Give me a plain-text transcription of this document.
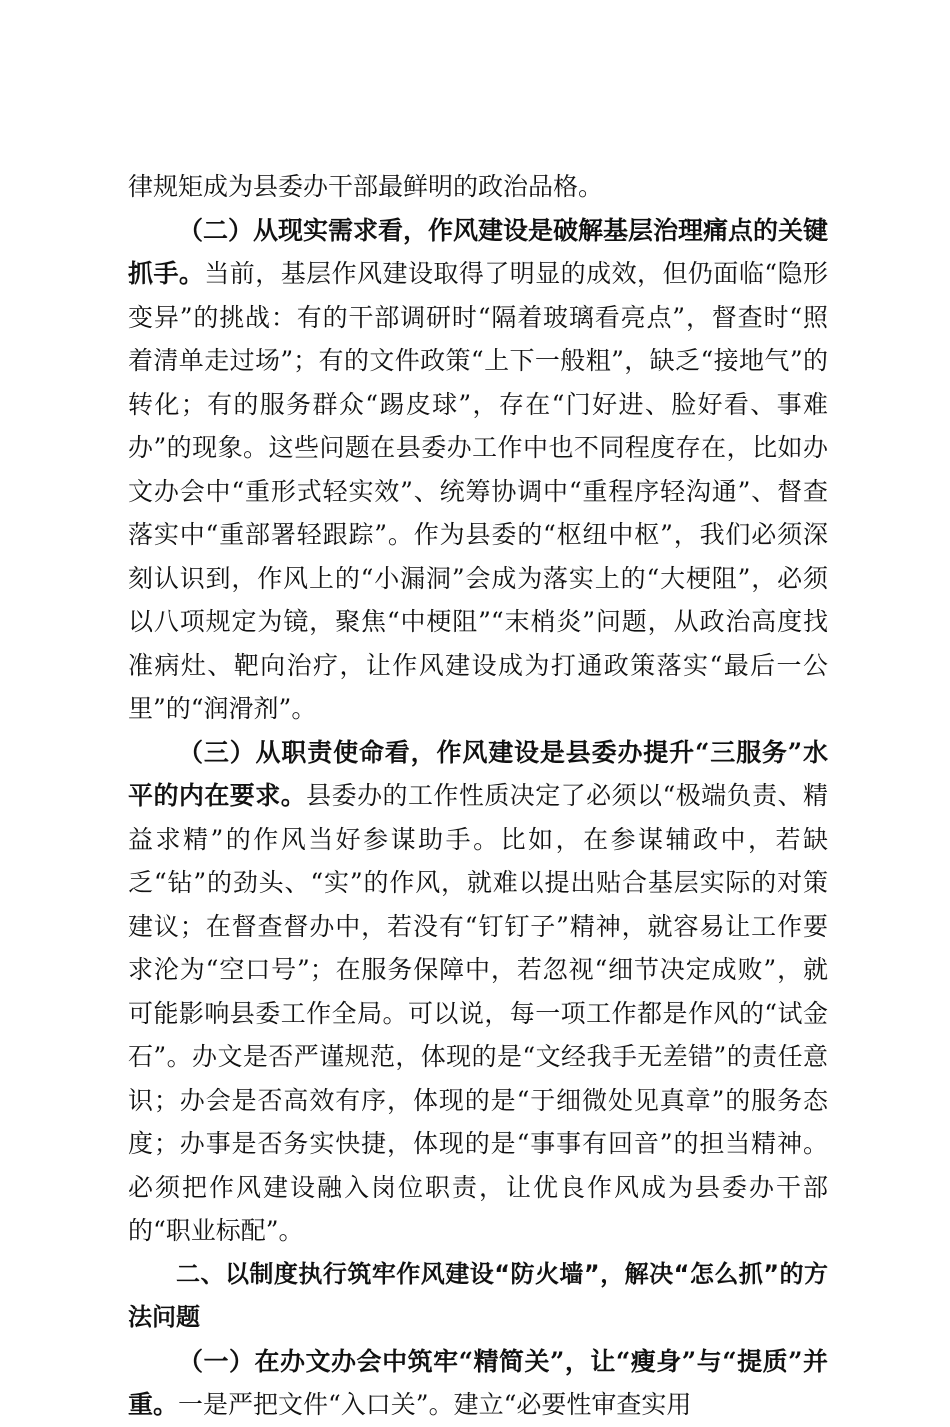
律规矩成为县委办干部最鲜明的政治品格。

（二）从现实需求看，作风建设是破解基层治理痛点的关键抓手。当前，基层作风建设取得了明显的成效，但仍面临“隐形变异”的挑战：有的干部调研时“隔着玻璃看亮点”，督查时“照着清单走过场”；有的文件政策“上下一般粗”，缺乏“接地气”的转化；有的服务群众“踢皮球”，存在“门好进、脸好看、事难办”的现象。这些问题在县委办工作中也不同程度存在，比如办文办会中“重形式轻实效”、统筹协调中“重程序轻沟通”、督查落实中“重部署轻跟踪”。作为县委的“枢纽中枢”，我们必须深刻认识到，作风上的“小漏洞”会成为落实上的“大梗阻”，必须以八项规定为镜，聚焦“中梗阻”“末梢炎”问题，从政治高度找准病灶、靶向治疗，让作风建设成为打通政策落实“最后一公里”的“润滑剂”。

（三）从职责使命看，作风建设是县委办提升“三服务”水平的内在要求。县委办的工作性质决定了必须以“极端负责、精益求精”的作风当好参谋助手。比如，在参谋辅政中，若缺乏“钻”的劲头、“实”的作风，就难以提出贴合基层实际的对策建议；在督查督办中，若没有“钉钉子”精神，就容易让工作要求沦为“空口号”；在服务保障中，若忽视“细节决定成败”，就可能影响县委工作全局。可以说，每一项工作都是作风的“试金石”。办文是否严谨规范，体现的是“文经我手无差错”的责任意识；办会是否高效有序，体现的是“于细微处见真章”的服务态度；办事是否务实快捷，体现的是“事事有回音”的担当精神。必须把作风建设融入岗位职责，让优良作风成为县委办干部的“职业标配”。

二、以制度执行筑牢作风建设“防火墙”，解决“怎么抓”的方法问题

（一）在办文办会中筑牢“精简关”，让“瘦身”与“提质”并重。一是严把文件“入口关”。建立“必要性审查实用
